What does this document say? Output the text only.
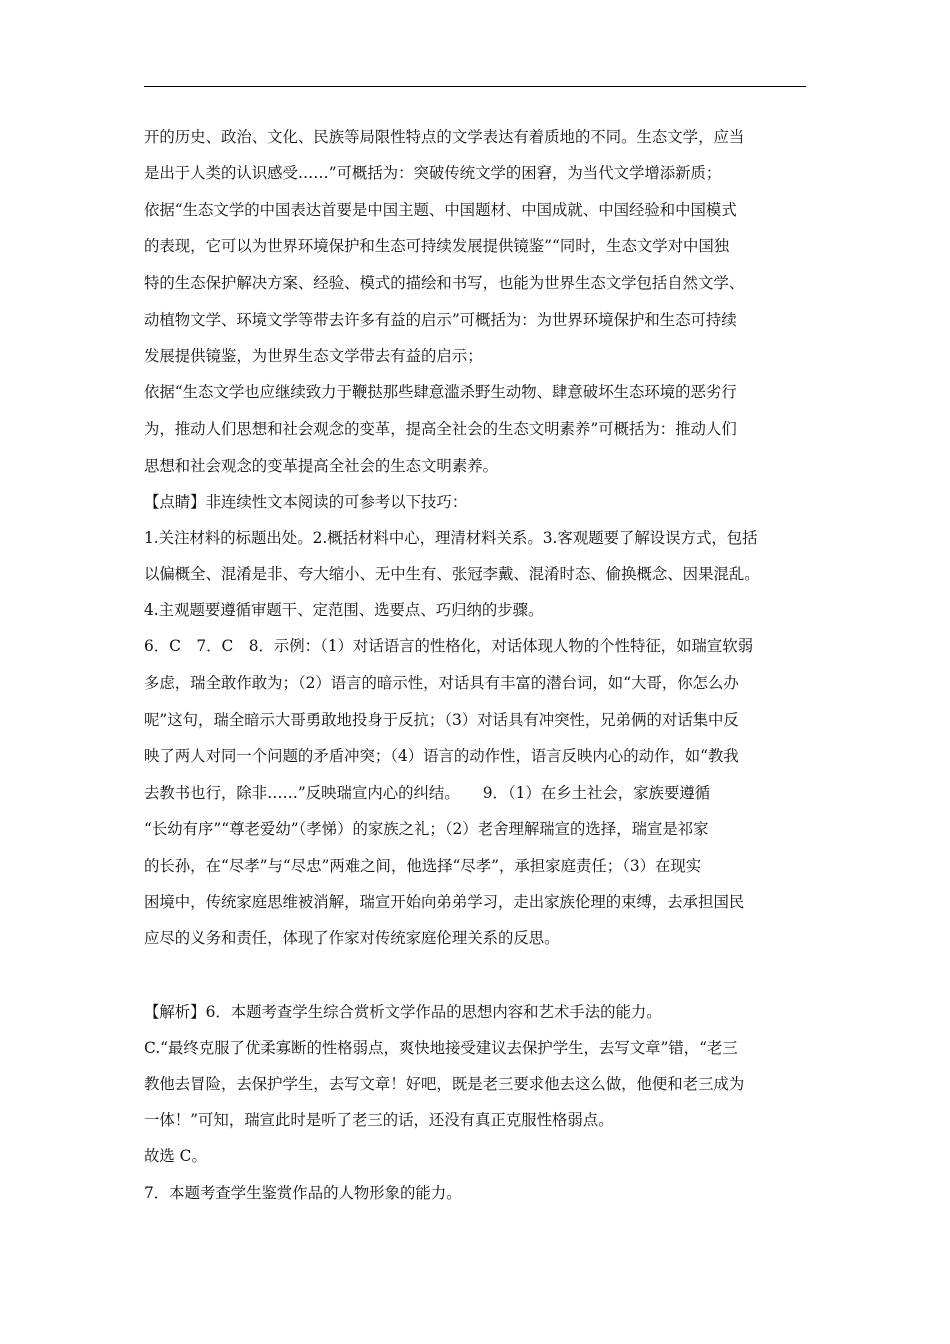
开的历史、政治、文化、民族等局限性特点的文学表达有着质地的不同。生态文学，应当
是出于人类的认识感受……”可概括为：突破传统文学的困窘，为当代文学增添新质；
依据“生态文学的中国表达首要是中国主题、中国题材、中国成就、中国经验和中国模式
的表现，它可以为世界环境保护和生态可持续发展提供镜鉴”“同时，生态文学对中国独
特的生态保护解决方案、经验、模式的描绘和书写，也能为世界生态文学包括自然文学、
动植物文学、环境文学等带去许多有益的启示”可概括为：为世界环境保护和生态可持续
发展提供镜鉴，为世界生态文学带去有益的启示；
依据“生态文学也应继续致力于鞭挞那些肆意滥杀野生动物、肆意破坏生态环境的恶劣行
为，推动人们思想和社会观念的变革，提高全社会的生态文明素养”可概括为：推动人们
思想和社会观念的变革提高全社会的生态文明素养。
【点睛】非连续性文本阅读的可参考以下技巧：
1.关注材料的标题出处。2.概括材料中心，理清材料关系。3.客观题要了解设误方式，包括
以偏概全、混淆是非、夸大缩小、无中生有、张冠李戴、混淆时态、偷换概念、因果混乱。
4.主观题要遵循审题干、定范围、选要点、巧归纳的步骤。
6．C　7．C　8．示例：（1）对话语言的性格化，对话体现人物的个性特征，如瑞宣软弱
多虑，瑞全敢作敢为；（2）语言的暗示性，对话具有丰富的潜台词，如“大哥，你怎么办
呢”这句，瑞全暗示大哥勇敢地投身于反抗；（3）对话具有冲突性，兄弟俩的对话集中反
映了两人对同一个问题的矛盾冲突；（4）语言的动作性，语言反映内心的动作，如“教我
去教书也行，除非……”反映瑞宣内心的纠结。　　9．（1）在乡土社会，家族要遵循
“长幼有序”“尊老爱幼”（孝悌）的家族之礼；（2）老舍理解瑞宣的选择，瑞宣是祁家
的长孙，在“尽孝”与“尽忠”两难之间，他选择“尽孝”，承担家庭责任；（3）在现实
困境中，传统家庭思维被消解，瑞宣开始向弟弟学习，走出家族伦理的束缚，去承担国民
应尽的义务和责任，体现了作家对传统家庭伦理关系的反思。
【解析】6．本题考查学生综合赏析文学作品的思想内容和艺术手法的能力。
C.“最终克服了优柔寡断的性格弱点，爽快地接受建议去保护学生，去写文章”错，“老三
教他去冒险，去保护学生，去写文章！好吧，既是老三要求他去这么做，他便和老三成为
一体！”可知，瑞宣此时是听了老三的话，还没有真正克服性格弱点。
故选 C。
7．本题考查学生鉴赏作品的人物形象的能力。
